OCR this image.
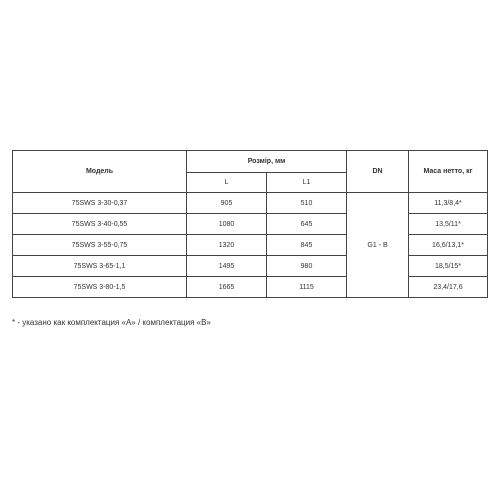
Модель	Розмір, мм		DN	Маса нетто, кг
	L	L1		
75SWS 3-30-0,37	905	510	G1 - B	11,3/8,4*
75SWS 3-40-0,55	1080	645		13,5/11*
75SWS 3-55-0,75	1320	845		16,6/13,1*
75SWS 3-65-1,1	1495	980		18,5/15*
75SWS 3-80-1,5	1665	1115		23,4/17,6
* - указано как комплектация «А» / комплектация «В»
